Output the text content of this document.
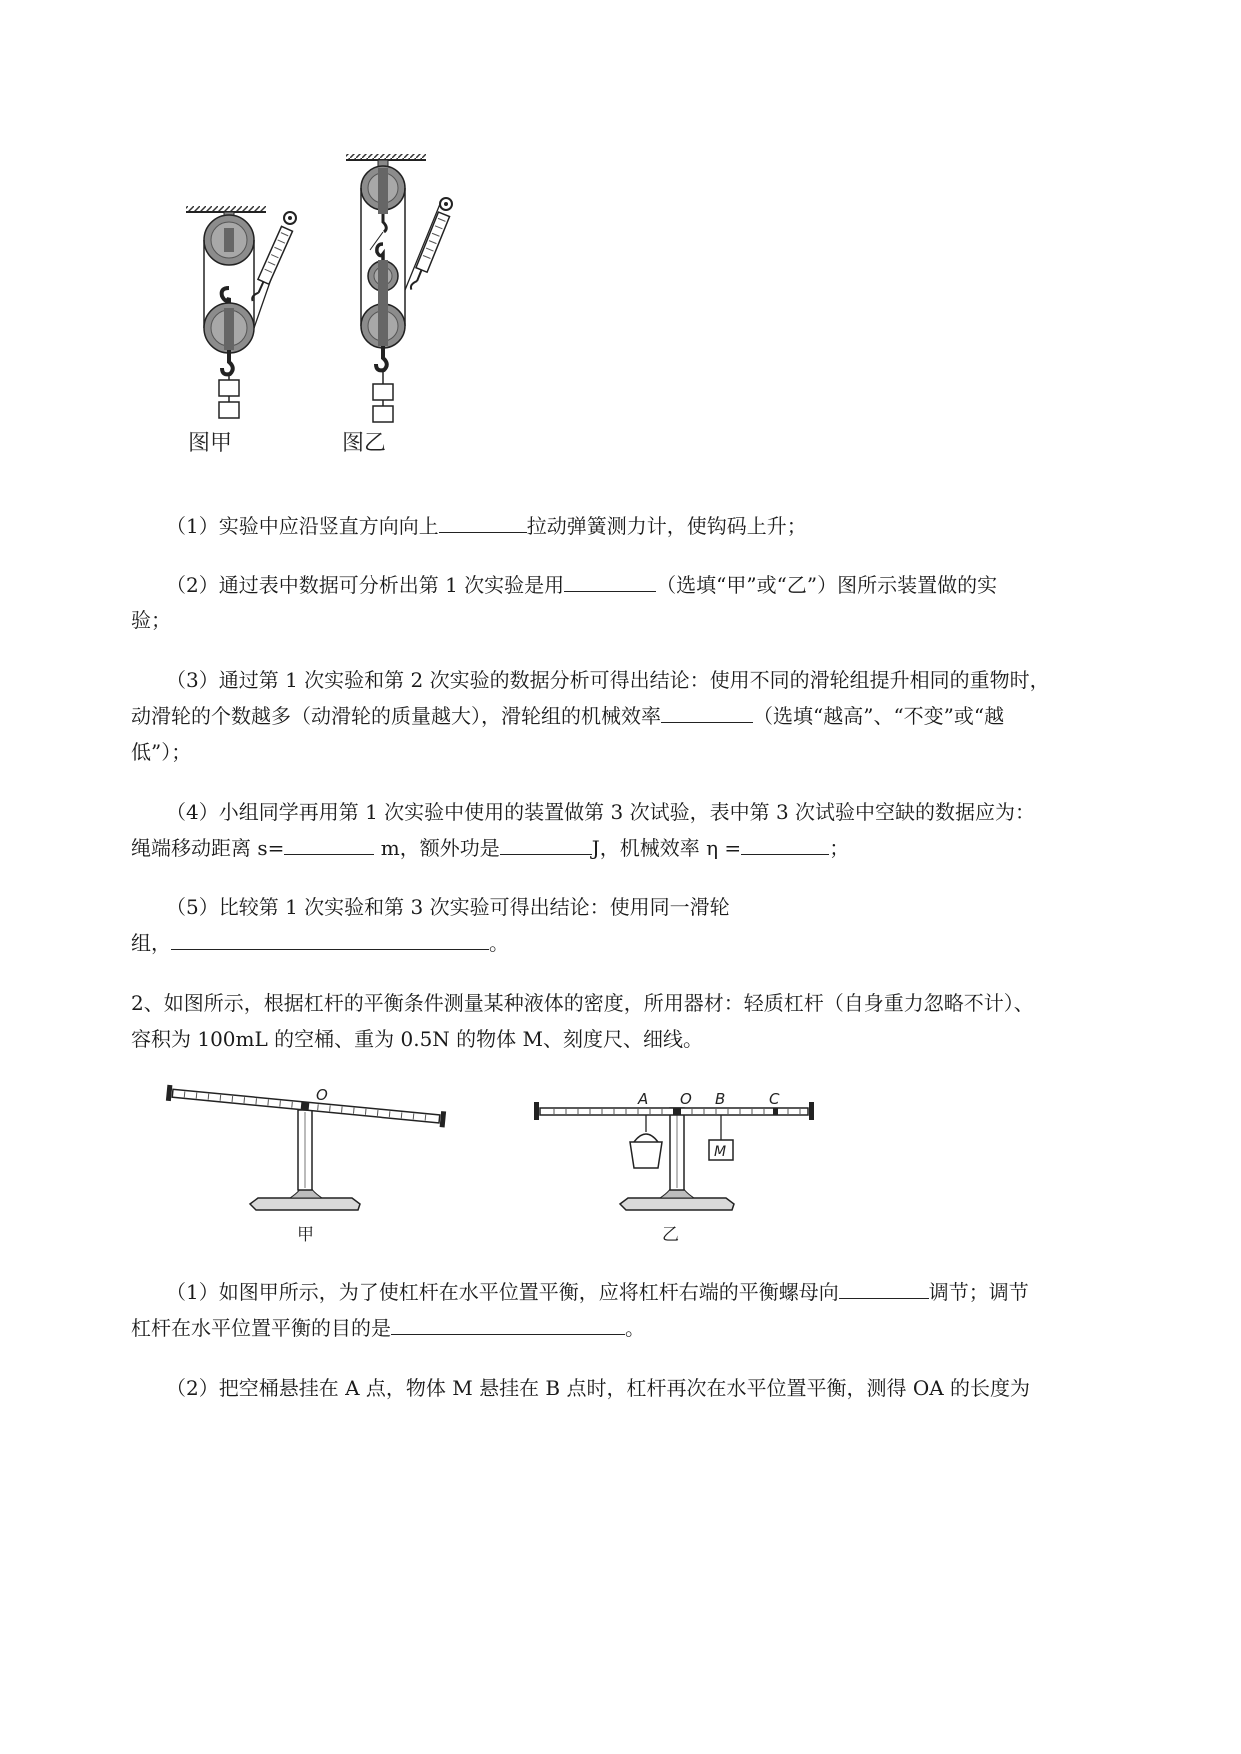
图甲	图乙
（1）实验中应沿竖直方向向上	拉动弹簧测力计，使钩码上升；
（2）通过表中数据可分析出第 1 次实验是用	（选填“甲”或“乙”）图所示装置做的实
验；
（3）通过第 1 次实验和第 2 次实验的数据分析可得出结论：使用不同的滑轮组提升相同的重物时，
动滑轮的个数越多（动滑轮的质量越大），滑轮组的机械效率	（选填“越高”、“不变”或“越
低”）；
（4）小组同学再用第 1 次实验中使用的装置做第 3 次试验，表中第 3 次试验中空缺的数据应为：
绳端移动距离 s=	m，额外功是	J，机械效率 η =	；
（5）比较第 1 次实验和第 3 次实验可得出结论：使用同一滑轮
组，	。
2、如图所示，根据杠杆的平衡条件测量某种液体的密度，所用器材：轻质杠杆（自身重力忽略不计）、
容积为 100mL 的空桶、重为 0.5N 的物体 M、刻度尺、细线。
O
甲
M
A O B	C
乙
（1）如图甲所示，为了使杠杆在水平位置平衡，应将杠杆右端的平衡螺母向	调节；调节
杠杆在水平位置平衡的目的是	。
（2）把空桶悬挂在 A 点，物体 M 悬挂在 B 点时，杠杆再次在水平位置平衡，测得 OA 的长度为
